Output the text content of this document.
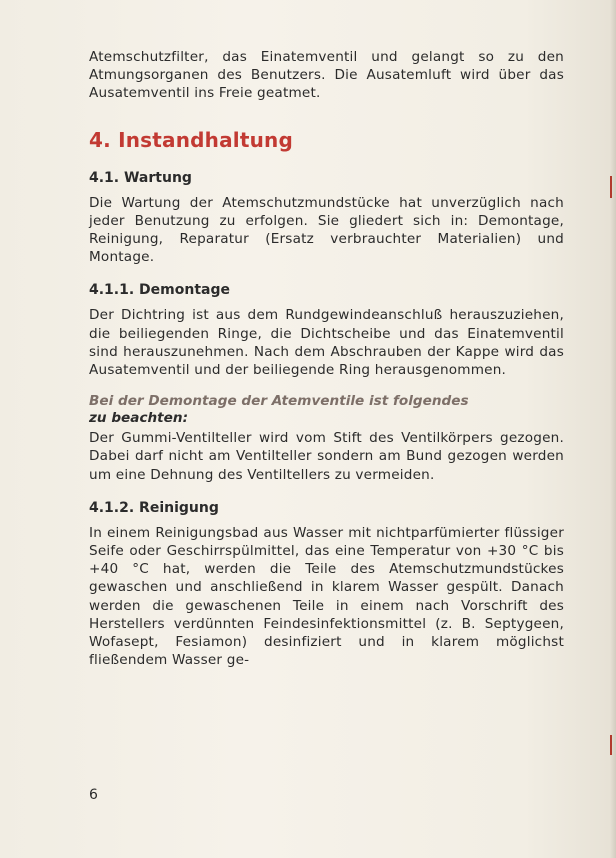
Atemschutzfilter, das Einatemventil und gelangt so zu den Atmungsorganen des Benutzers. Die Ausatemluft wird über das Ausatemventil ins Freie geatmet.

4. Instandhaltung
4.1. Wartung

Die Wartung der Atemschutzmundstücke hat unverzüglich nach jeder Benutzung zu erfolgen. Sie gliedert sich in: Demontage, Reinigung, Reparatur (Ersatz verbrauchter Materialien) und Montage.

4.1.1. Demontage

Der Dichtring ist aus dem Rundgewindeanschluß herauszuziehen, die beiliegenden Ringe, die Dichtscheibe und das Einatemventil sind herauszunehmen. Nach dem Abschrauben der Kappe wird das Ausatemventil und der beiliegende Ring herausgenommen.

Bei der Demontage der Atemventile ist folgendes
zu beachten:

Der Gummi-Ventilteller wird vom Stift des Ventilkörpers gezogen. Dabei darf nicht am Ventilteller sondern am Bund gezogen werden um eine Dehnung des Ventiltellers zu vermeiden.

4.1.2. Reinigung

In einem Reinigungsbad aus Wasser mit nichtparfümierter flüssiger Seife oder Geschirrspülmittel, das eine Temperatur von +30 °C bis +40 °C hat, werden die Teile des Atemschutzmundstückes gewaschen und anschließend in klarem Wasser gespült. Danach werden die gewaschenen Teile in einem nach Vorschrift des Herstellers verdünnten Feindesinfektionsmittel (z. B. Septygeen, Wofasept, Fesiamon) desinfiziert und in klarem möglichst fließendem Wasser ge-

6
